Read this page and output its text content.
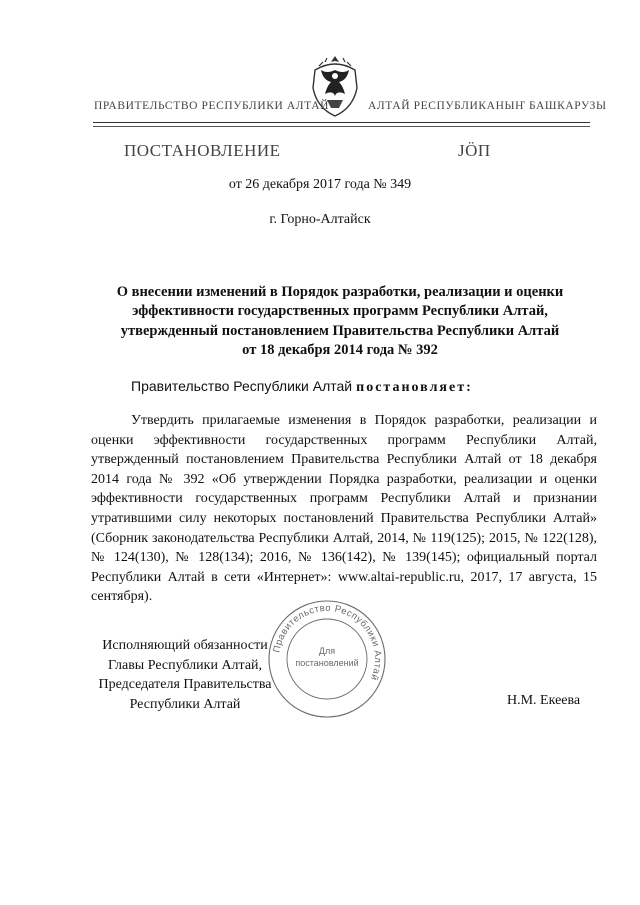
ПРАВИТЕЛЬСТВО РЕСПУБЛИКИ АЛТАЙ	АЛТАЙ РЕСПУБЛИКАНЫҤ БАШКАРУЗЫ
ПОСТАНОВЛЕНИЕ	ЈӦП
от 26 декабря 2017 года № 349
г. Горно-Алтайск
О внесении изменений в Порядок разработки, реализации и оценки
эффективности государственных программ Республики Алтай,
утвержденный постановлением Правительства Республики Алтай
от 18 декабря 2014 года № 392
Правительство Республики Алтай постановляет:
Утвердить прилагаемые изменения в Порядок разработки, реализации и оценки эффективности государственных программ Республики Алтай, утвержденный постановлением Правительства Республики Алтай от 18 декабря 2014 года № 392 «Об утверждении Порядка разработки, реализации и оценки эффективности государственных программ Республики Алтай и признании утратившими силу некоторых постановлений Правительства Республики Алтай» (Сборник законодательства Республики Алтай, 2014, № 119(125); 2015, № 122(128), № 124(130), № 128(134); 2016, № 136(142), № 139(145); официальный портал Республики Алтай в сети «Интернет»: www.altai-republic.ru, 2017, 17 августа, 15 сентября).
Исполняющий обязанности
Главы Республики Алтай,
Председателя Правительства
Республики Алтай	Н.М. Екеева
Правительство Республики Алтай
Для
постановлений
